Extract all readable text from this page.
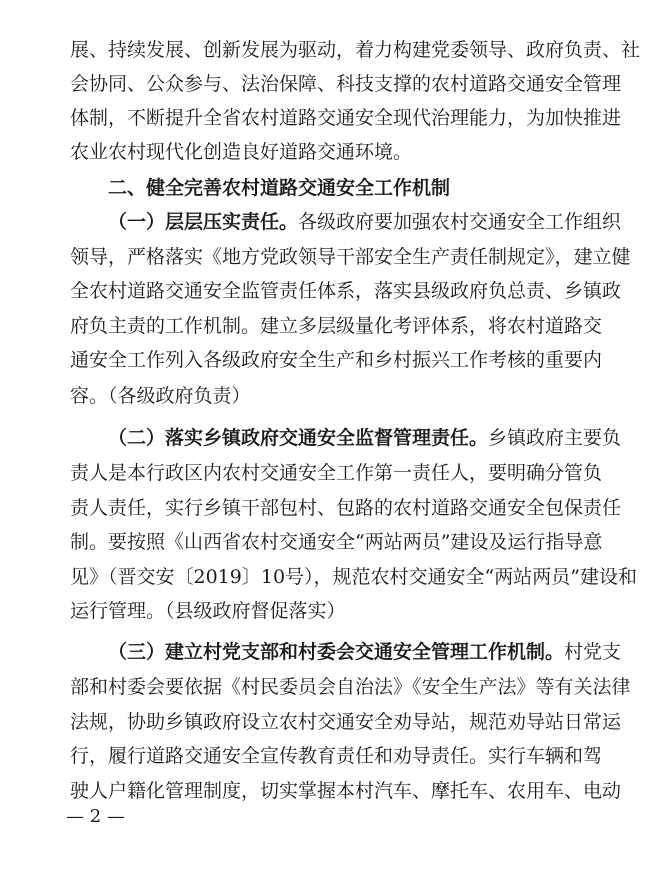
展、持续发展、创新发展为驱动，着力构建党委领导、政府负责、社
会协同、公众参与、法治保障、科技支撑的农村道路交通安全管理
体制，不断提升全省农村道路交通安全现代治理能力，为加快推进
农业农村现代化创造良好道路交通环境。
二、健全完善农村道路交通安全工作机制
（一）层层压实责任。各级政府要加强农村交通安全工作组织
领导，严格落实《地方党政领导干部安全生产责任制规定》，建立健
全农村道路交通安全监管责任体系，落实县级政府负总责、乡镇政
府负主责的工作机制。建立多层级量化考评体系，将农村道路交
通安全工作列入各级政府安全生产和乡村振兴工作考核的重要内
容。（各级政府负责）
（二）落实乡镇政府交通安全监督管理责任。乡镇政府主要负
责人是本行政区内农村交通安全工作第一责任人，要明确分管负
责人责任，实行乡镇干部包村、包路的农村道路交通安全包保责任
制。要按照《山西省农村交通安全“两站两员”建设及运行指导意
见》（晋交安〔2019〕10号），规范农村交通安全“两站两员”建设和
运行管理。（县级政府督促落实）
（三）建立村党支部和村委会交通安全管理工作机制。村党支
部和村委会要依据《村民委员会自治法》《安全生产法》等有关法律
法规，协助乡镇政府设立农村交通安全劝导站，规范劝导站日常运
行，履行道路交通安全宣传教育责任和劝导责任。实行车辆和驾
驶人户籍化管理制度，切实掌握本村汽车、摩托车、农用车、电动
— 2 —
